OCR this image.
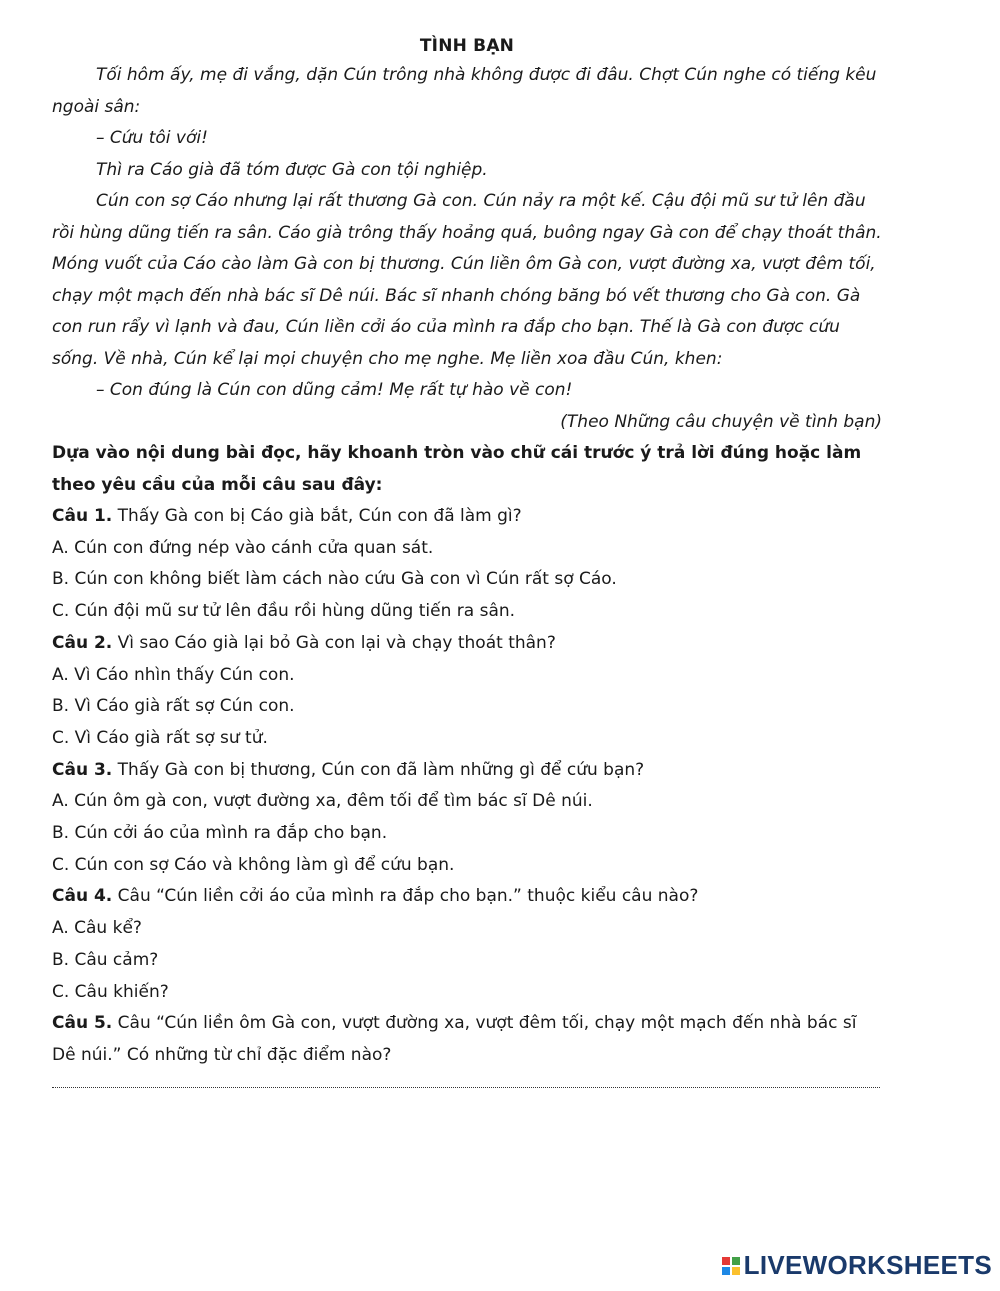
TÌNH BẠN

Tối hôm ấy, mẹ đi vắng, dặn Cún trông nhà không được đi đâu. Chợt Cún nghe có tiếng kêu ngoài sân:

– Cứu tôi với!

Thì ra Cáo già đã tóm được Gà con tội nghiệp.

Cún con sợ Cáo nhưng lại rất thương Gà con. Cún nảy ra một kế. Cậu đội mũ sư tử lên đầu rồi hùng dũng tiến ra sân. Cáo già trông thấy hoảng quá, buông ngay Gà con để chạy thoát thân. Móng vuốt của Cáo cào làm Gà con bị thương. Cún liền ôm Gà con, vượt đường xa, vượt đêm tối, chạy một mạch đến nhà bác sĩ Dê núi. Bác sĩ nhanh chóng băng bó vết thương cho Gà con. Gà con run rẩy vì lạnh và đau, Cún liền cởi áo của mình ra đắp cho bạn. Thế là Gà con được cứu sống. Về nhà, Cún kể lại mọi chuyện cho mẹ nghe. Mẹ liền xoa đầu Cún, khen:

– Con đúng là Cún con dũng cảm! Mẹ rất tự hào về con!

(Theo Những câu chuyện về tình bạn)

Dựa vào nội dung bài đọc, hãy khoanh tròn vào chữ cái trước ý trả lời đúng hoặc làm theo yêu cầu của mỗi câu sau đây:

Câu 1. Thấy Gà con bị Cáo già bắt, Cún con đã làm gì?

A. Cún con đứng nép vào cánh cửa quan sát.

B. Cún con không biết làm cách nào cứu Gà con vì Cún rất sợ Cáo.

C. Cún đội mũ sư tử lên đầu rồi hùng dũng tiến ra sân.

Câu 2. Vì sao Cáo già lại bỏ Gà con lại và chạy thoát thân?

A. Vì Cáo nhìn thấy Cún con.

B. Vì Cáo già rất sợ Cún con.

C. Vì Cáo già rất sợ sư tử.

Câu 3. Thấy Gà con bị thương, Cún con đã làm những gì để cứu bạn?

A. Cún ôm gà con, vượt đường xa, đêm tối để tìm bác sĩ Dê núi.

B. Cún cởi áo của mình ra đắp cho bạn.

C. Cún con sợ Cáo và không làm gì để cứu bạn.

Câu 4. Câu “Cún liền cởi áo của mình ra đắp cho bạn.” thuộc kiểu câu nào?

A. Câu kể?

B. Câu cảm?

C. Câu khiến?

Câu 5. Câu “Cún liền ôm Gà con, vượt đường xa, vượt đêm tối, chạy một mạch đến nhà bác sĩ Dê núi.” Có những từ chỉ đặc điểm nào?

LIVEWORKSHEETS
